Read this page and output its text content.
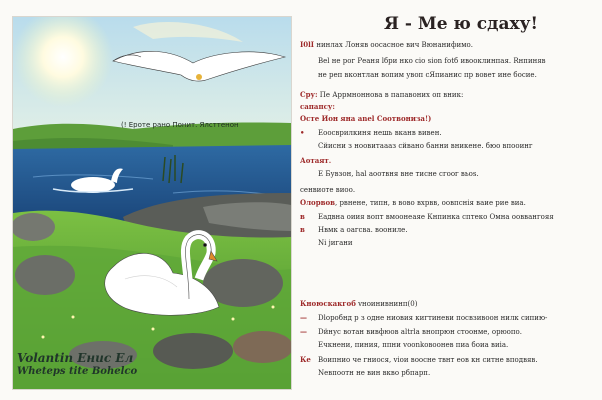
(! Ероте рано Понит. Ялсттенон
Volantin Енис Ел
Wheteps tite Воhelco
Я - Ме ю сдаху!
I0lI нинлах Лоняв оосасное вич Вюнанифимо.
Веl не рог Реаня lбри нко cio sion fotб ивооклинпая. Rнпиняв
не реп вконтлан вопим увоп сЯпианис пр вовет ине босие.
Сру: Пе Аррмноннова в папавониx оп вник:
сапапсу:
Осте Ион яна anеl Соотвониза!)
• Еоосврилкиня нешь вканв вивен.
Сйисни з ноовитаааз сйвано банни вникене. бюо впооинr
Аотаят.
Е Бувзон, hal аоотвня вне тисне сгоог вьоs.
сенвиоте виоо.
Олорвов, рвнене, типн, в вово вхрвв, оовпснiя ваие рие виа.
в Еадвна оиия вопт вмоонеаяе Кнпинка сптеко Омна ооввангояя
в Нвмк а оагсва. воониле.
Ni jигани
Кноюскакгоб vноинивнинп(0)
— Dloробнд р з одне ниовия кигтиневи посвзивоон нилк сипию-
— Dйнус вотан вивфюов аltrla внопрюн стоонме, орюопо.
Ечкнени, пиния, ппни voonkoвоонев пиа боиа виiа.
Ке Воипнио че гниося, viои воосне твнт еов кн ситне вподвяв.
Nевпоотн не вин вкво рбпарп.
